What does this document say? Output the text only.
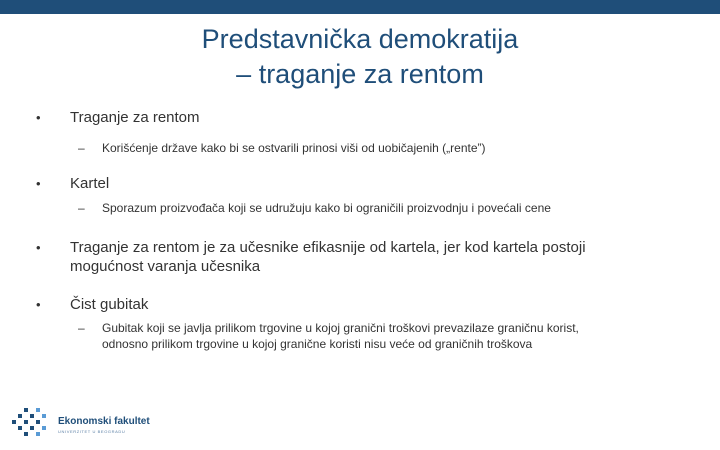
Predstavnička demokratija
– traganje za rentom
• Traganje za rentom
– Korišćenje države kako bi se ostvarili prinosi viši od uobičajenih („rente”)
• Kartel
– Sporazum proizvođača koji se udružuju kako bi ograničili proizvodnju i povećali cene
• Traganje za rentom je za učesnike efikasnije od kartela, jer kod kartela postoji
mogućnost varanja učesnika
• Čist gubitak
– Gubitak koji se javlja prilikom trgovine u kojoj granični troškovi prevazilaze graničnu korist,
odnosno prilikom trgovine u kojoj granične koristi nisu veće od graničnih troškova
Ekonomski fakultet
UNIVERZITET U BEOGRADU
